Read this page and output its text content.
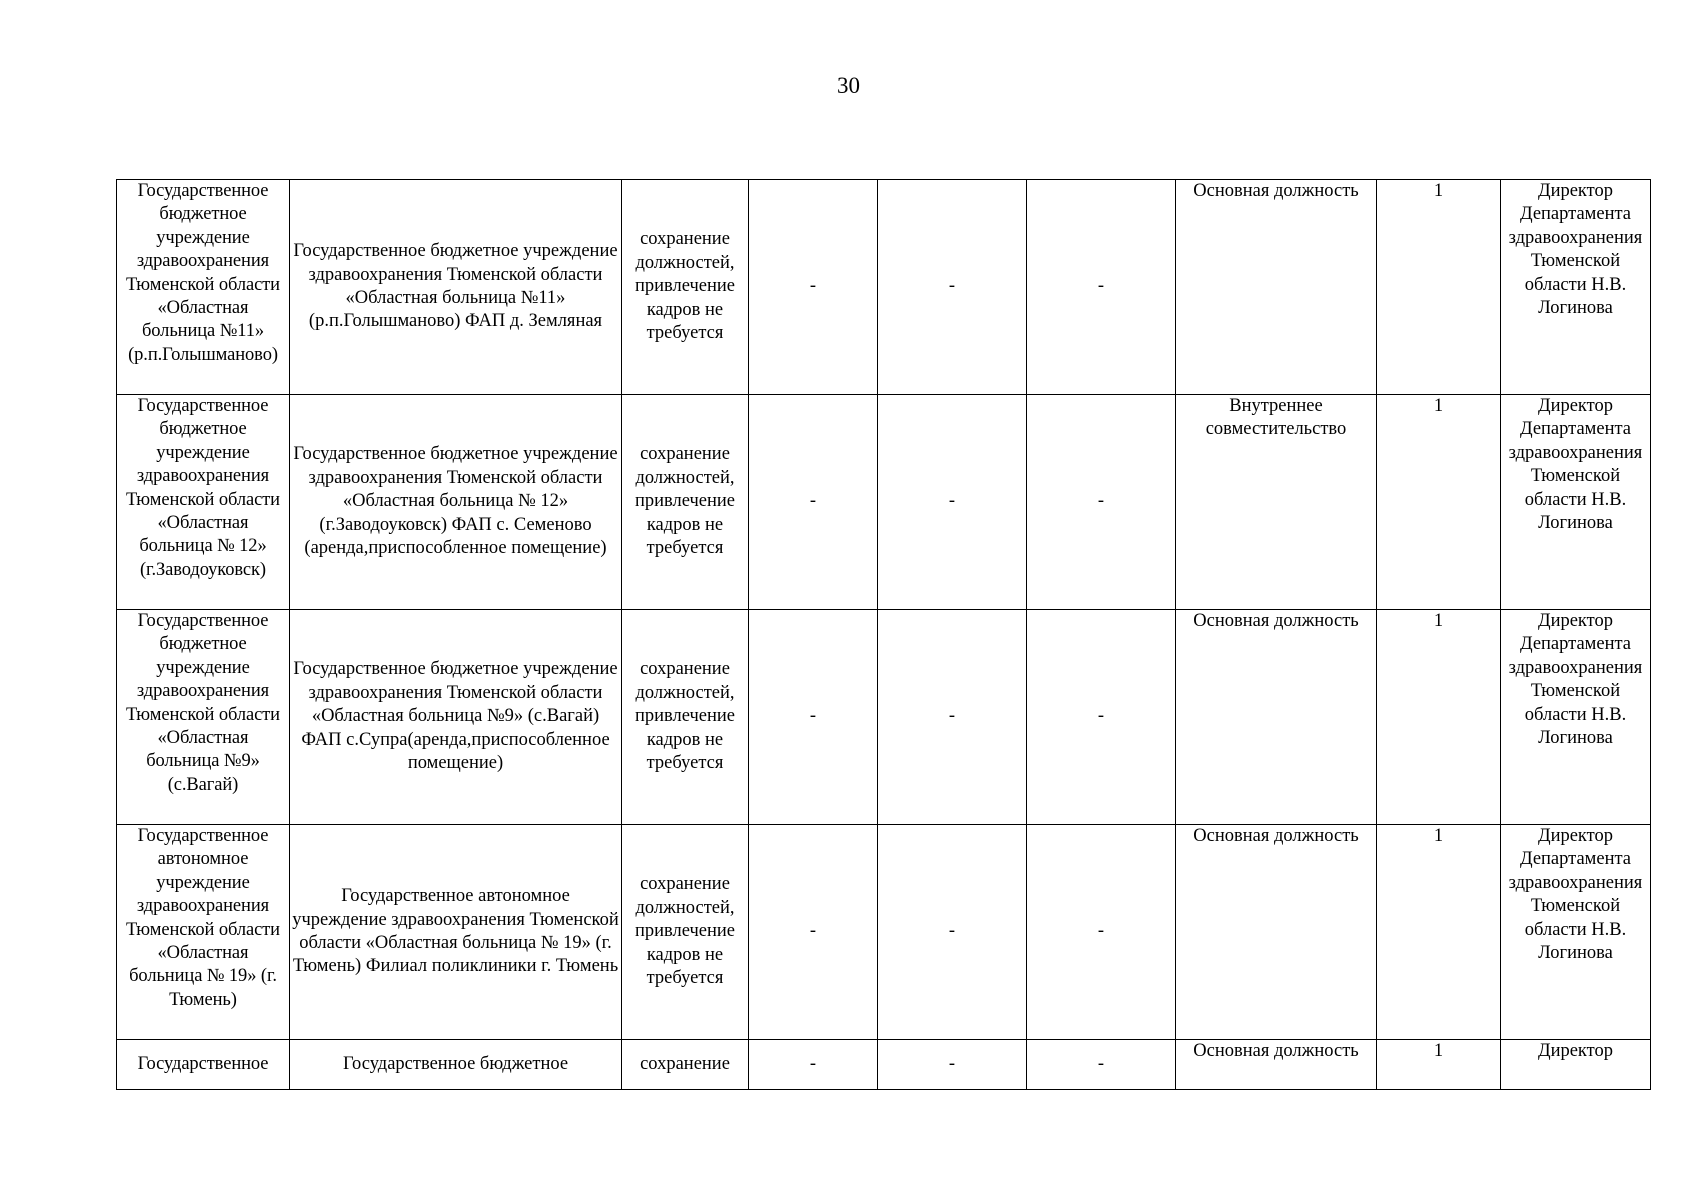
30
Государственное бюджетное учреждение здравоохранения Тюменской области «Областная больница №11» (р.п.Голышманово)	Государственное бюджетное учреждение здравоохранения Тюменской области «Областная больница №11» (р.п.Голышманово) ФАП д. Земляная	сохранение должностей, привлечение кадров не требуется	-	-	-	Основная должность	1	Директор Департамента здравоохранения Тюменской области Н.В. Логинова
Государственное бюджетное учреждение здравоохранения Тюменской области «Областная больница № 12» (г.Заводоуковск)	Государственное бюджетное учреждение здравоохранения Тюменской области «Областная больница № 12» (г.Заводоуковск) ФАП с. Семеново (аренда,приспособленное помещение)	сохранение должностей, привлечение кадров не требуется	-	-	-	Внутреннее совместительство	1	Директор Департамента здравоохранения Тюменской области Н.В. Логинова
Государственное бюджетное учреждение здравоохранения Тюменской области «Областная больница №9» (с.Вагай)	Государственное бюджетное учреждение здравоохранения Тюменской области «Областная больница №9» (с.Вагай) ФАП с.Супра(аренда,приспособленное помещение)	сохранение должностей, привлечение кадров не требуется	-	-	-	Основная должность	1	Директор Департамента здравоохранения Тюменской области Н.В. Логинова
Государственное автономное учреждение здравоохранения Тюменской области «Областная больница № 19» (г. Тюмень)	Государственное автономное учреждение здравоохранения Тюменской области «Областная больница № 19» (г. Тюмень) Филиал поликлиники г. Тюмень	сохранение должностей, привлечение кадров не требуется	-	-	-	Основная должность	1	Директор Департамента здравоохранения Тюменской области Н.В. Логинова
Государственное	Государственное бюджетное	сохранение	-	-	-	Основная должность	1	Директор
